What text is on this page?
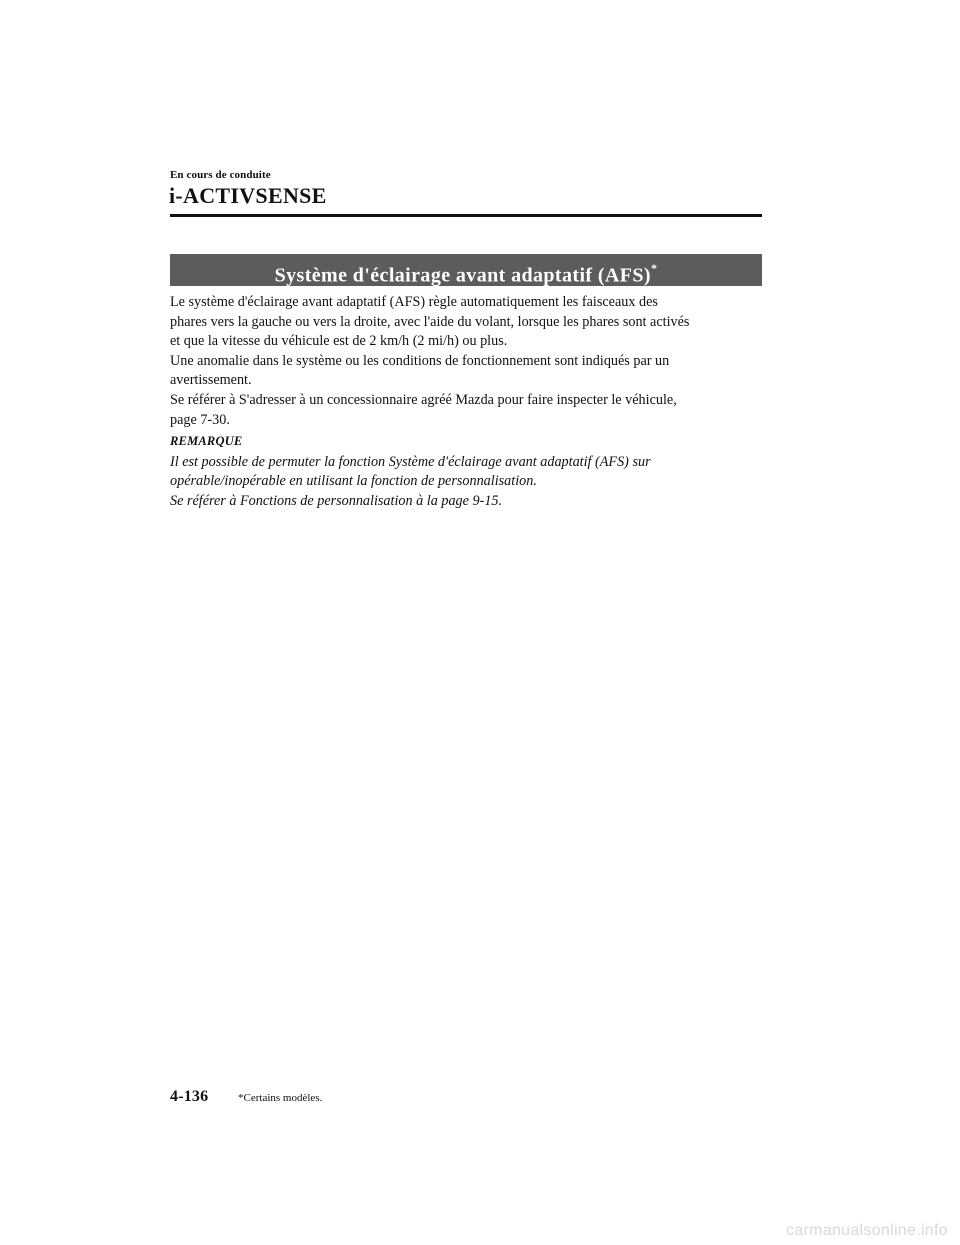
En cours de conduite
i-ACTIVSENSE
Système d'éclairage avant adaptatif (AFS)*

Le système d'éclairage avant adaptatif (AFS) règle automatiquement les faisceaux des

phares vers la gauche ou vers la droite, avec l'aide du volant, lorsque les phares sont activés

et que la vitesse du véhicule est de 2 km/h (2 mi/h) ou plus.

Une anomalie dans le système ou les conditions de fonctionnement sont indiqués par un

avertissement.

Se référer à S'adresser à un concessionnaire agréé Mazda pour faire inspecter le véhicule,

page 7-30.

REMARQUE

Il est possible de permuter la fonction Système d'éclairage avant adaptatif (AFS) sur

opérable/inopérable en utilisant la fonction de personnalisation.

Se référer à Fonctions de personnalisation à la page 9-15.

4-136	*Certains modèles.
carmanualsonline.info
